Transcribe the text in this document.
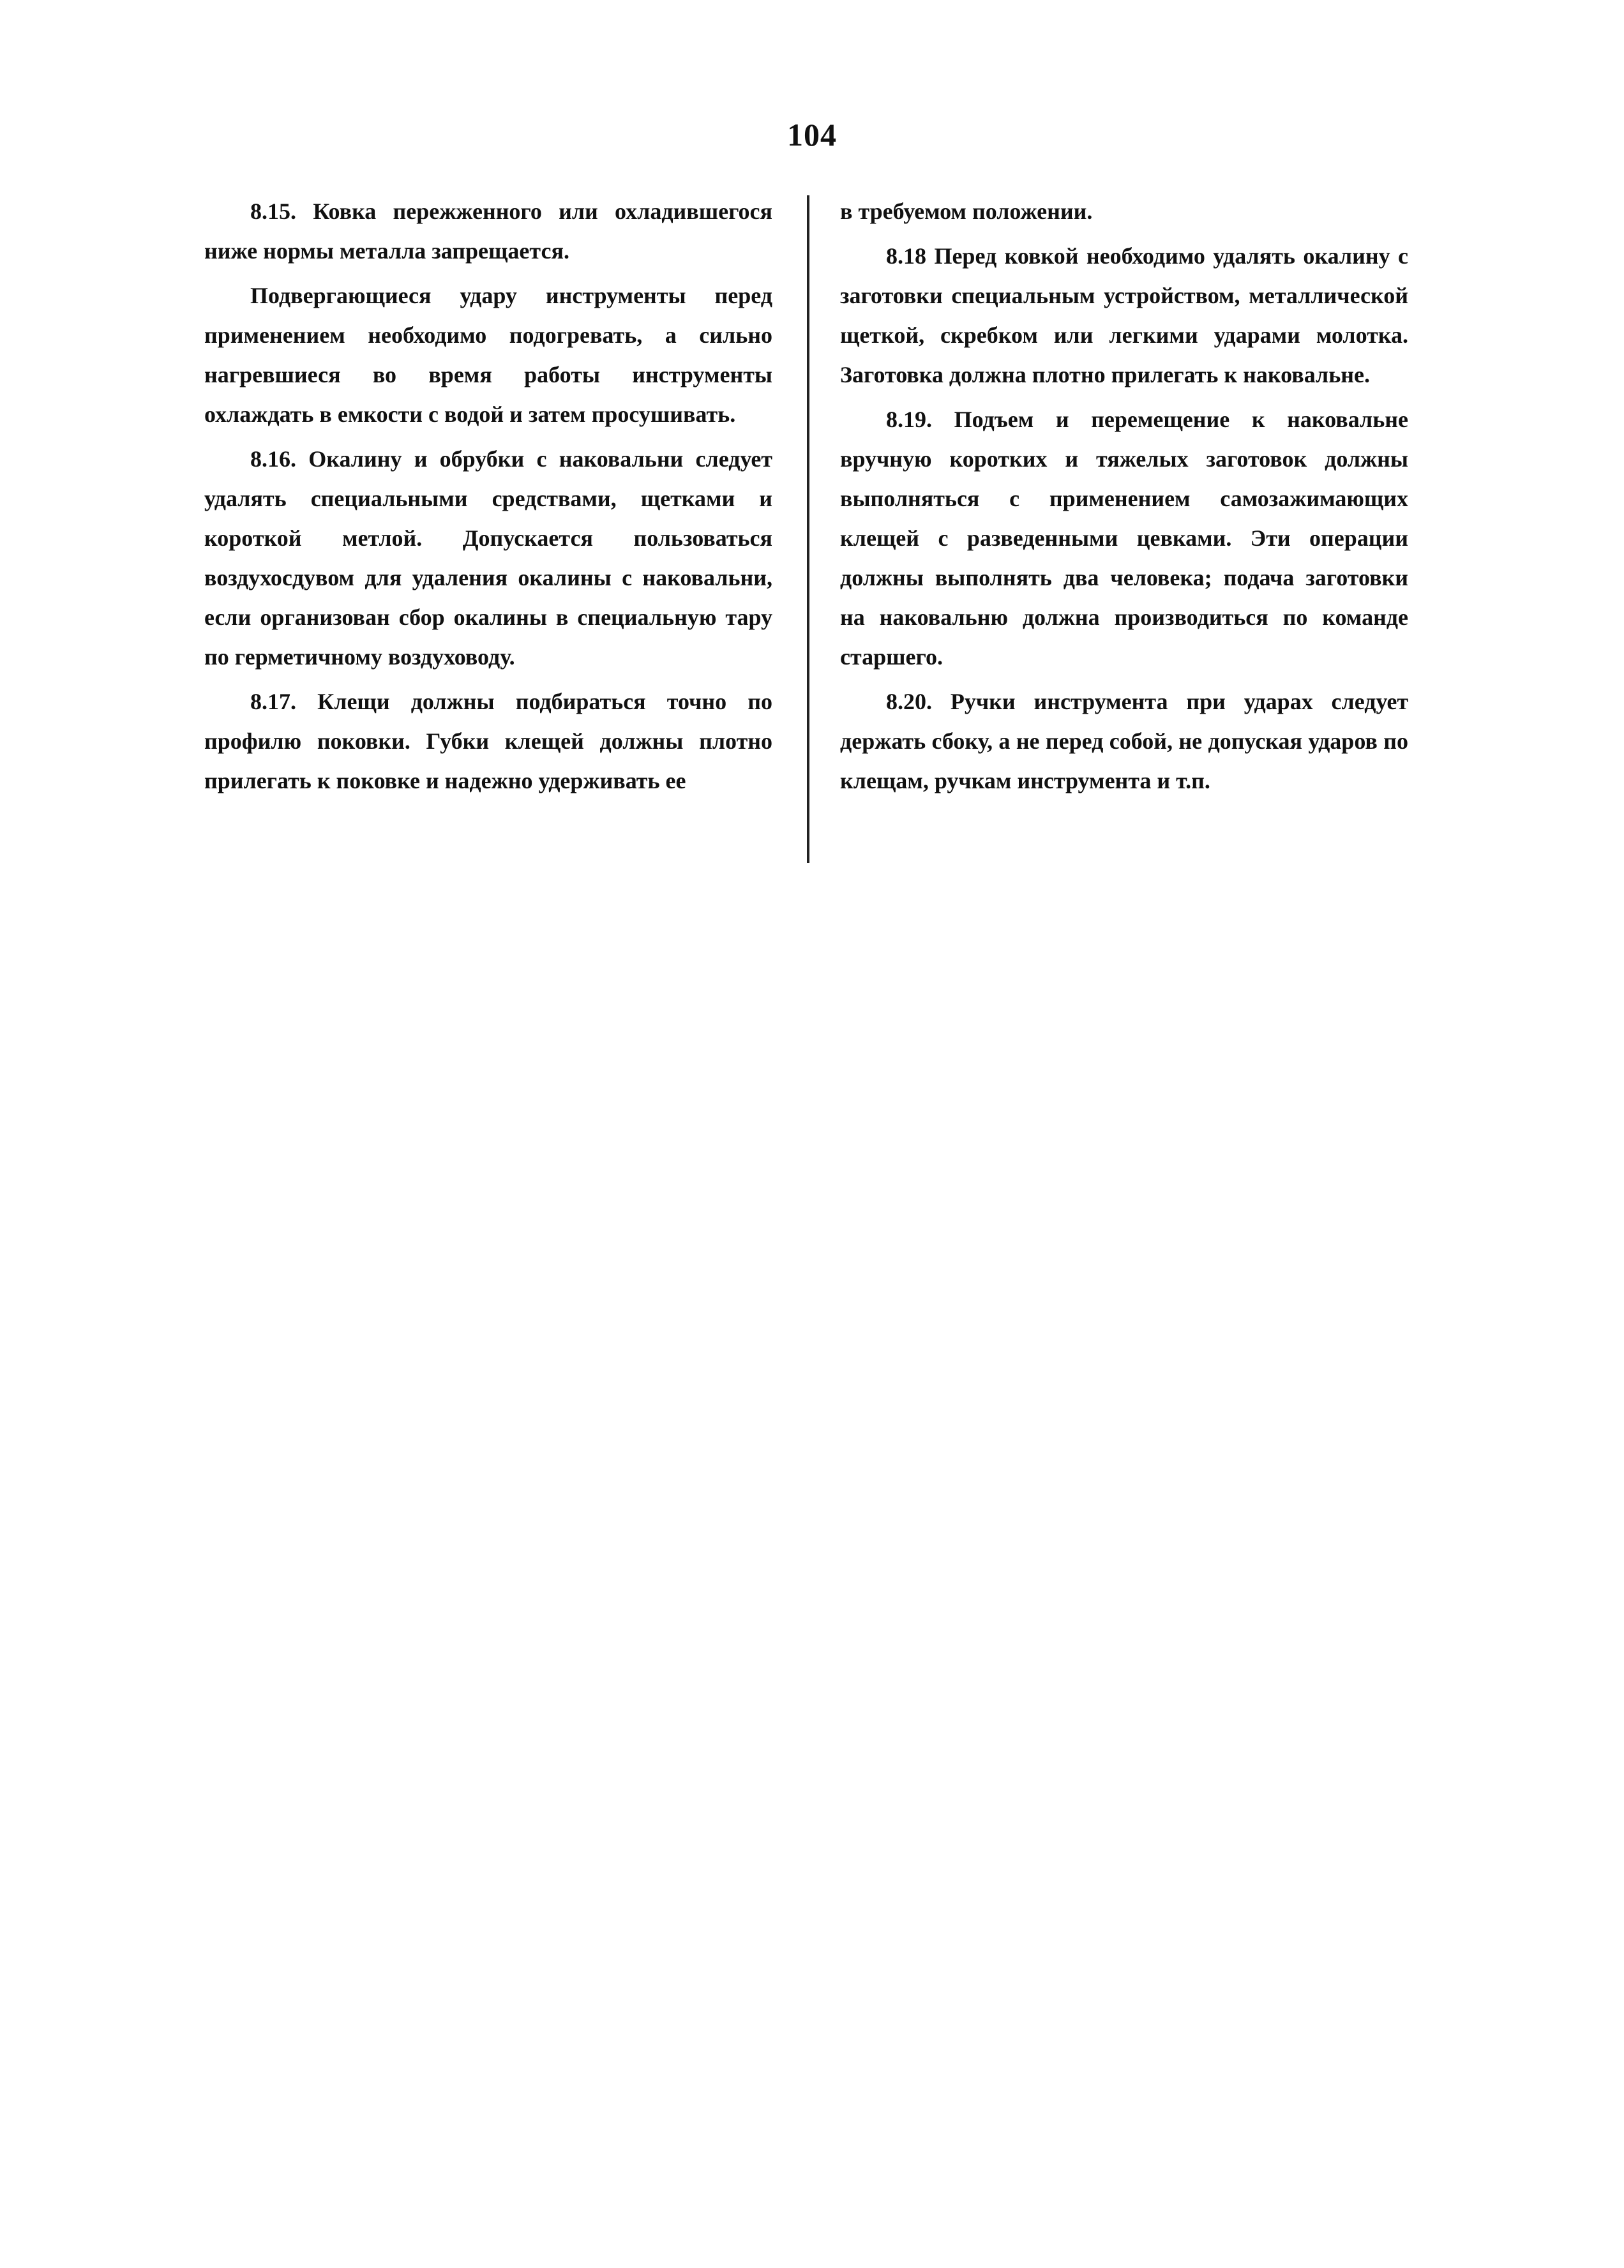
104

8.15. Ковка пережженного или охладившегося ниже нормы металла запрещается.

Подвергающиеся удару инструменты перед применением необходимо подогревать, а сильно нагревшиеся во время работы инструменты охлаждать в емкости с водой и затем просушивать.

8.16. Окалину и обрубки с наковальни следует удалять специальными средствами, щетками и короткой метлой. Допускается пользоваться воздухосдувом для удаления окалины с наковальни, если организован сбор окалины в специальную тару по герметичному воздуховоду.

8.17. Клещи должны подбираться точно по профилю поковки. Губки клещей должны плотно прилегать к поковке и надежно удерживать ее

в требуемом положении.

8.18 Перед ковкой необходимо удалять окалину с заготовки специальным устройством, металлической щеткой, скребком или легкими ударами молотка. Заготовка должна плотно прилегать к наковальне.

8.19. Подъем и перемещение к наковальне вручную коротких и тяжелых заготовок должны выполняться с применением самозажимающих клещей с разведенными цевками. Эти операции должны выполнять два человека; подача заготовки на наковальню должна производиться по команде старшего.

8.20. Ручки инструмента при ударах следует держать сбоку, а не перед собой, не допуская ударов по клещам, ручкам инструмента и т.п.
